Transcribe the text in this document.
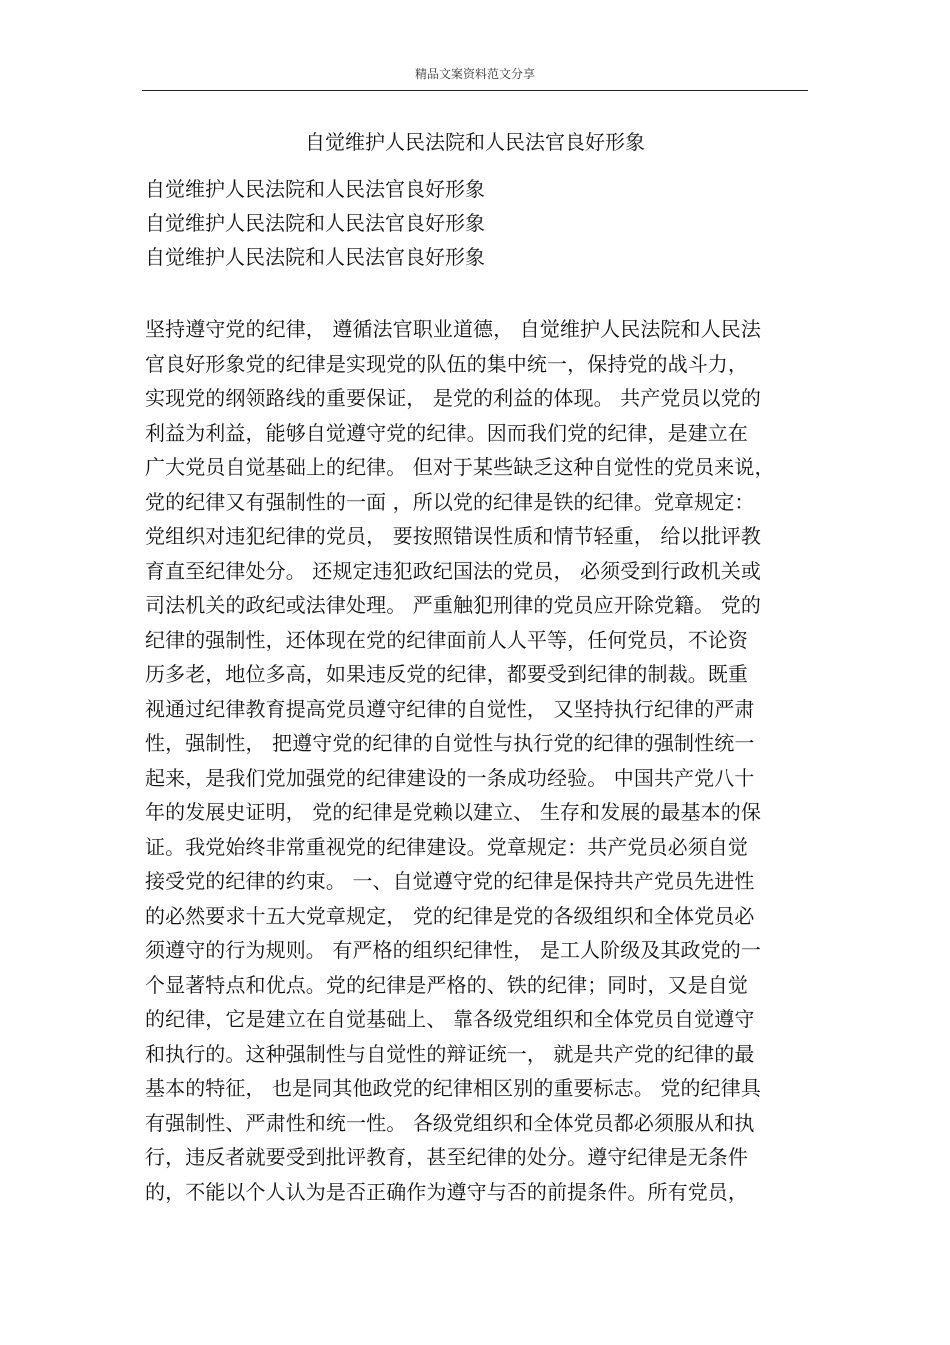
精品文案资料范文分享
自觉维护人民法院和人民法官良好形象
自觉维护人民法院和人民法官良好形象
自觉维护人民法院和人民法官良好形象
自觉维护人民法院和人民法官良好形象
坚持遵守党的纪律， 遵循法官职业道德， 自觉维护人民法院和人民法
官良好形象党的纪律是实现党的队伍的集中统一，保持党的战斗力，
实现党的纲领路线的重要保证， 是党的利益的体现。 共产党员以党的
利益为利益，能够自觉遵守党的纪律。因而我们党的纪律，是建立在
广大党员自觉基础上的纪律。 但对于某些缺乏这种自觉性的党员来说，
党的纪律又有强制性的一面 ，所以党的纪律是铁的纪律。党章规定：
党组织对违犯纪律的党员， 要按照错误性质和情节轻重， 给以批评教
育直至纪律处分。 还规定违犯政纪国法的党员， 必须受到行政机关或
司法机关的政纪或法律处理。 严重触犯刑律的党员应开除党籍。 党的
纪律的强制性，还体现在党的纪律面前人人平等，任何党员，不论资
历多老，地位多高，如果违反党的纪律，都要受到纪律的制裁。既重
视通过纪律教育提高党员遵守纪律的自觉性， 又坚持执行纪律的严肃
性，强制性， 把遵守党的纪律的自觉性与执行党的纪律的强制性统一
起来，是我们党加强党的纪律建设的一条成功经验。 中国共产党八十
年的发展史证明， 党的纪律是党赖以建立、 生存和发展的最基本的保
证。我党始终非常重视党的纪律建设。党章规定：共产党员必须自觉
接受党的纪律的约束。 一、自觉遵守党的纪律是保持共产党员先进性
的必然要求十五大党章规定， 党的纪律是党的各级组织和全体党员必
须遵守的行为规则。 有严格的组织纪律性， 是工人阶级及其政党的一
个显著特点和优点。党的纪律是严格的、铁的纪律；同时，又是自觉
的纪律，它是建立在自觉基础上、 靠各级党组织和全体党员自觉遵守
和执行的。这种强制性与自觉性的辩证统一， 就是共产党的纪律的最
基本的特征， 也是同其他政党的纪律相区别的重要标志。 党的纪律具
有强制性、严肃性和统一性。 各级党组织和全体党员都必须服从和执
行，违反者就要受到批评教育，甚至纪律的处分。遵守纪律是无条件
的，不能以个人认为是否正确作为遵守与否的前提条件。所有党员，
